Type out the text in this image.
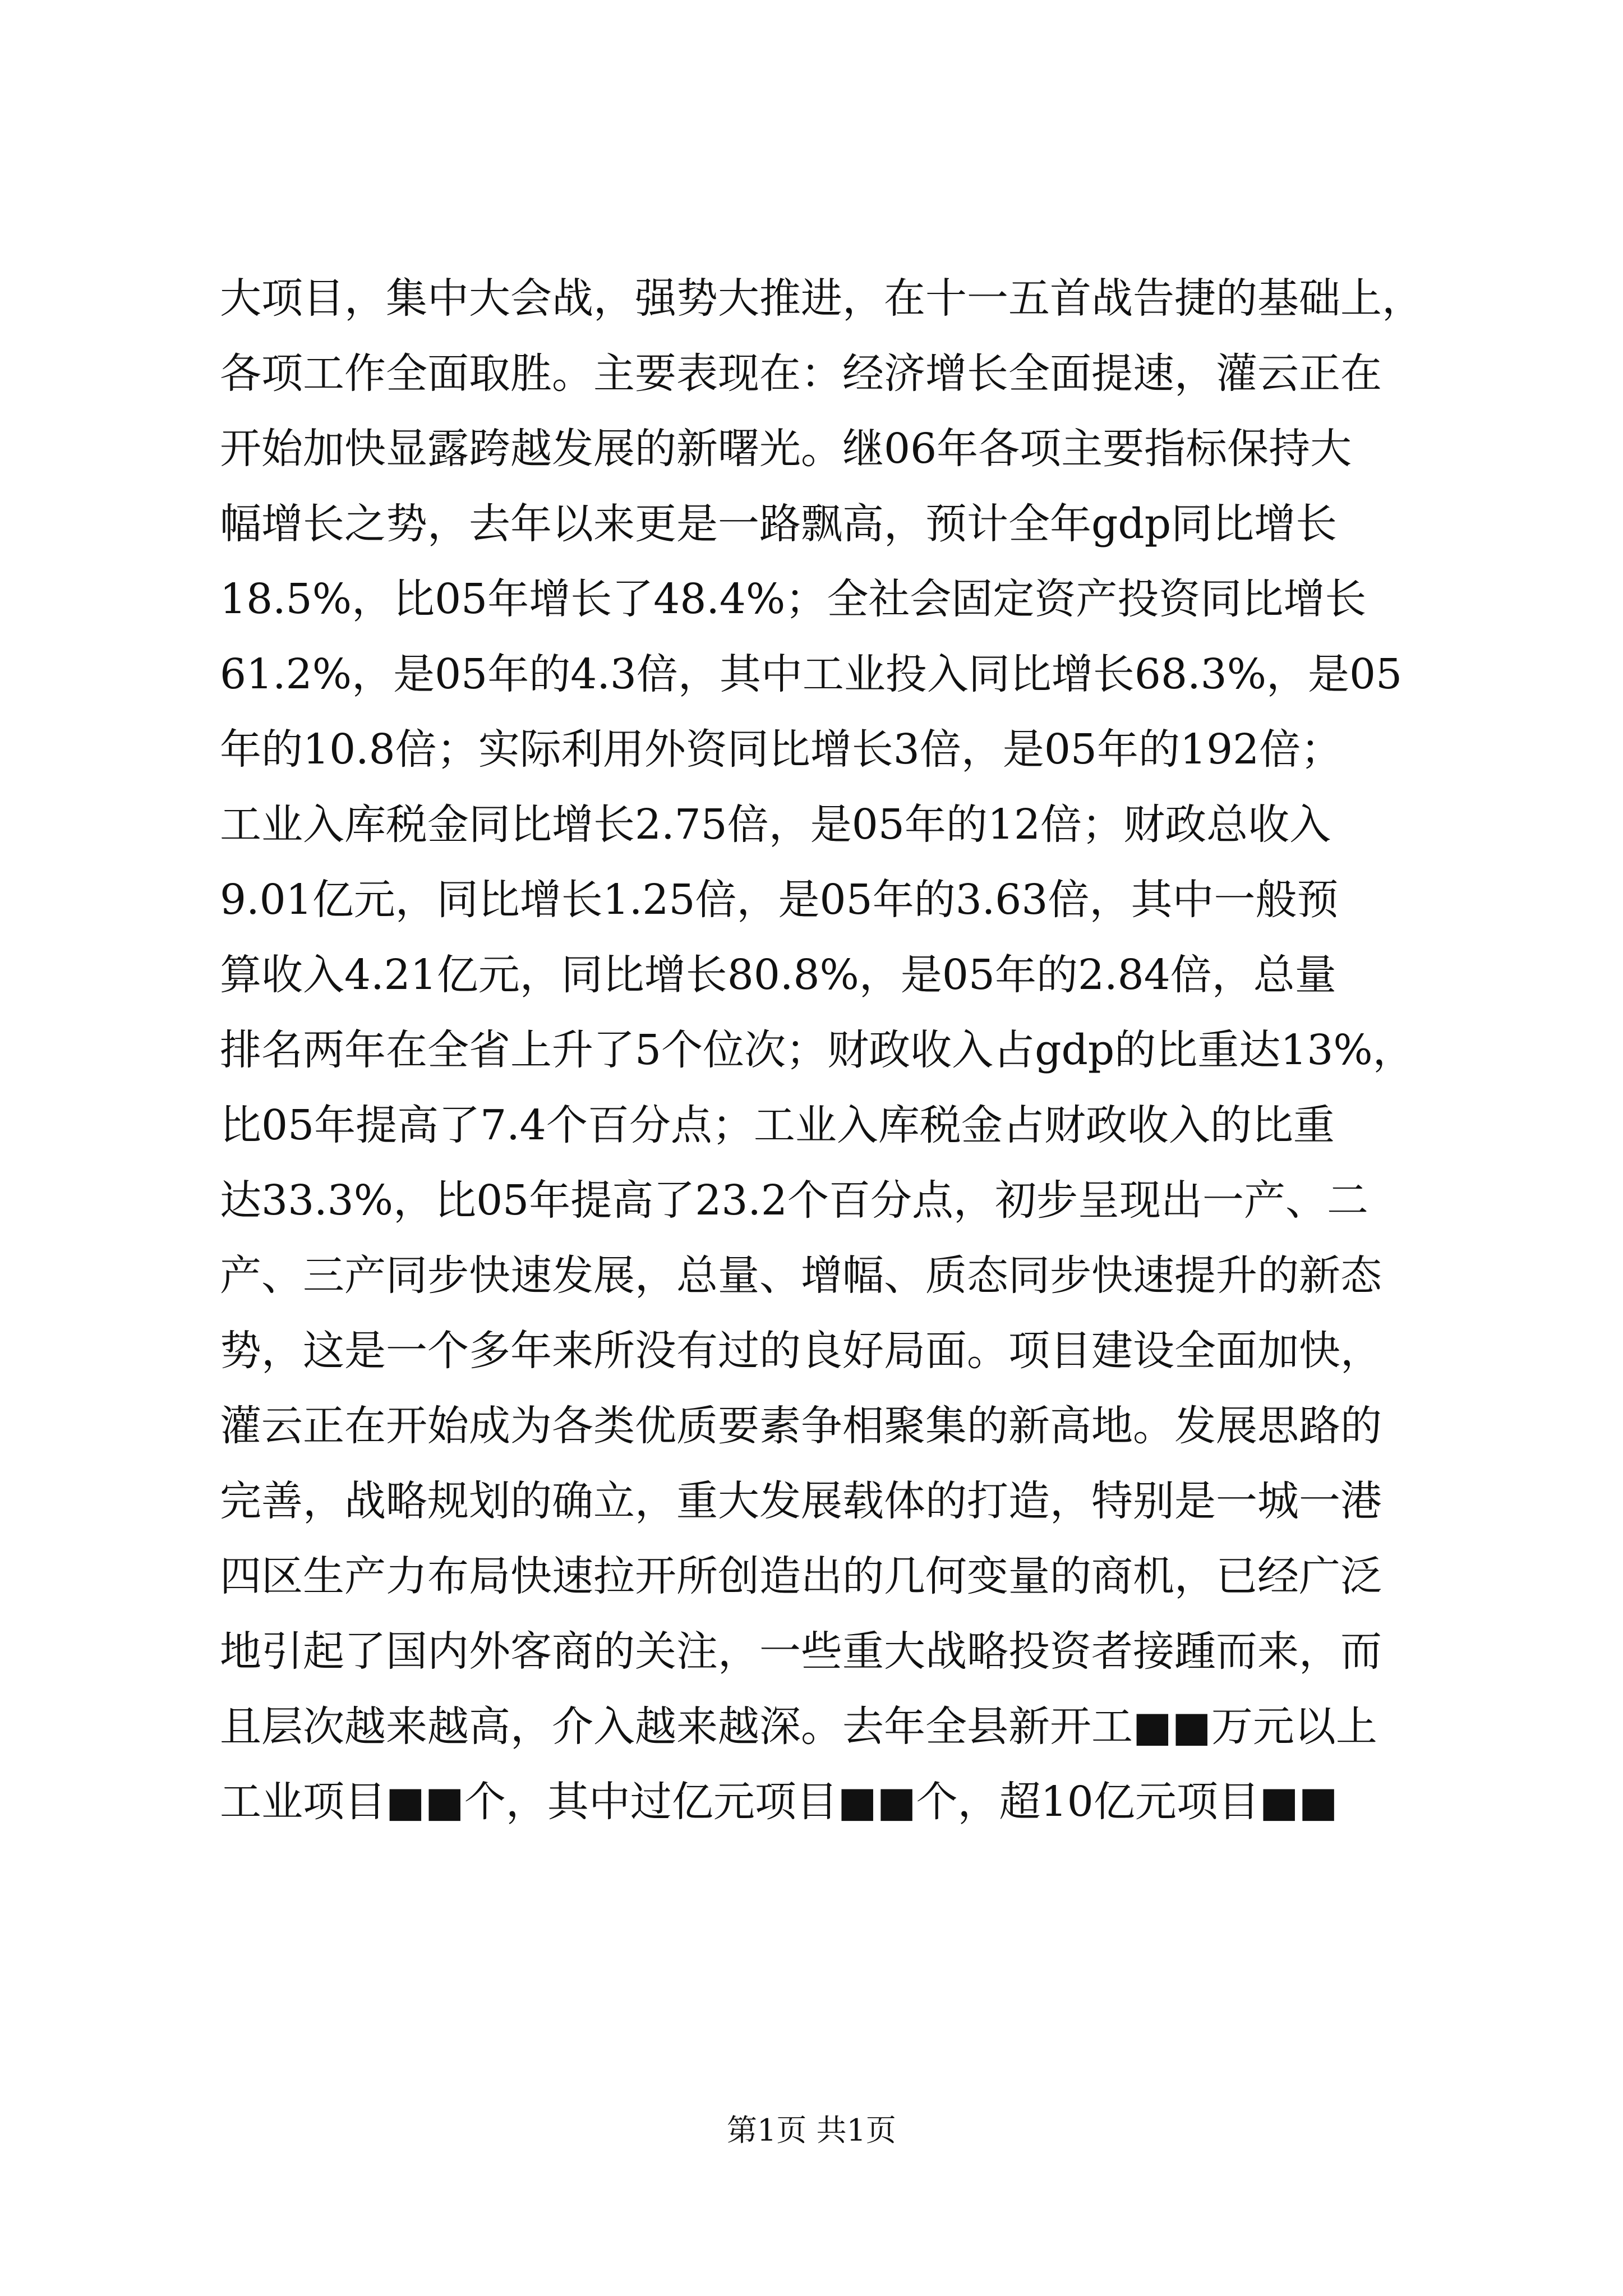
大项目，集中大会战，强势大推进，在十一五首战告捷的基础上，
各项工作全面取胜。主要表现在：经济增长全面提速，灌云正在
开始加快显露跨越发展的新曙光。继06年各项主要指标保持大
幅增长之势，去年以来更是一路飘高，预计全年gdp同比增长
18.5%，比05年增长了48.4%；全社会固定资产投资同比增长
61.2%，是05年的4.3倍，其中工业投入同比增长68.3%，是05
年的10.8倍；实际利用外资同比增长3倍，是05年的192倍；
工业入库税金同比增长2.75倍，是05年的12倍；财政总收入
9.01亿元，同比增长1.25倍，是05年的3.63倍，其中一般预
算收入4.21亿元，同比增长80.8%，是05年的2.84倍，总量
排名两年在全省上升了5个位次；财政收入占gdp的比重达13%，
比05年提高了7.4个百分点；工业入库税金占财政收入的比重
达33.3%，比05年提高了23.2个百分点，初步呈现出一产、二
产、三产同步快速发展，总量、增幅、质态同步快速提升的新态
势，这是一个多年来所没有过的良好局面。项目建设全面加快，
灌云正在开始成为各类优质要素争相聚集的新高地。发展思路的
完善，战略规划的确立，重大发展载体的打造，特别是一城一港
四区生产力布局快速拉开所创造出的几何变量的商机，已经广泛
地引起了国内外客商的关注，一些重大战略投资者接踵而来，而
且层次越来越高，介入越来越深。去年全县新开工■■万元以上
工业项目■■个，其中过亿元项目■■个，超10亿元项目■■
第1页 共1页
